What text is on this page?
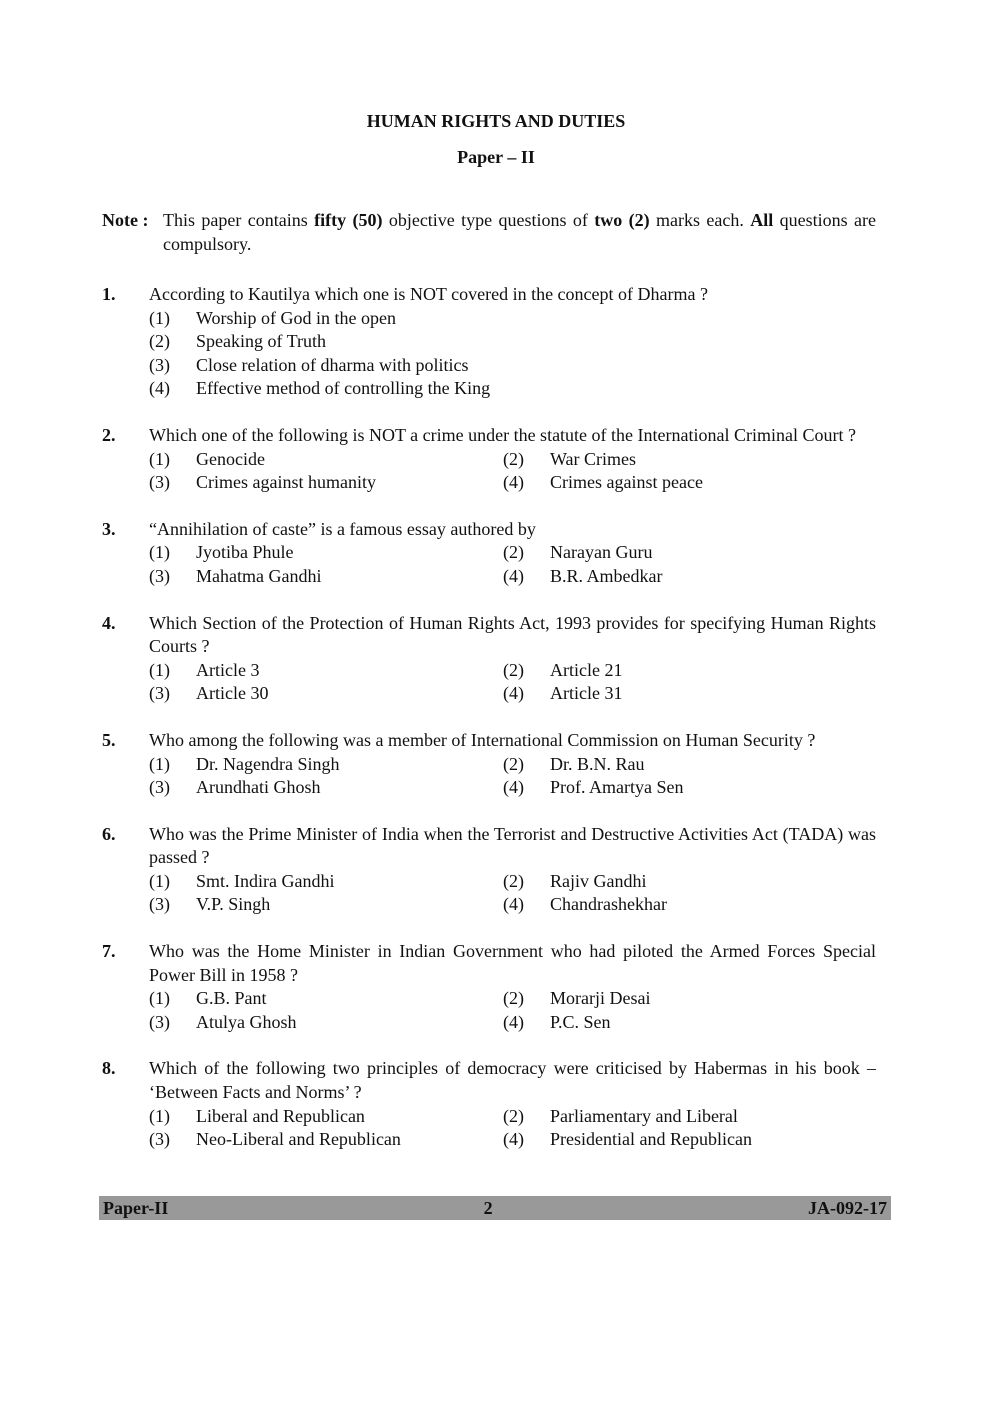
HUMAN RIGHTS AND DUTIES
Paper – II
Note : This paper contains fifty (50) objective type questions of two (2) marks each. All questions are compulsory.
1. According to Kautilya which one is NOT covered in the concept of Dharma ?
(1)	Worship of God in the open
(2)	Speaking of Truth
(3)	Close relation of dharma with politics
(4)	Effective method of controlling the King
2. Which one of the following is NOT a crime under the statute of the International Criminal Court ?
(1)	Genocide	(2)	War Crimes
(3)	Crimes against humanity	(4)	Crimes against peace
3. “Annihilation of caste” is a famous essay authored by
(1)	Jyotiba Phule	(2)	Narayan Guru
(3)	Mahatma Gandhi	(4)	B.R. Ambedkar
4. Which Section of the Protection of Human Rights Act, 1993 provides for specifying Human Rights Courts ?
(1)	Article 3	(2)	Article 21
(3)	Article 30	(4)	Article 31
5. Who among the following was a member of International Commission on Human Security ?
(1)	Dr. Nagendra Singh	(2)	Dr. B.N. Rau
(3)	Arundhati Ghosh	(4)	Prof. Amartya Sen
6. Who was the Prime Minister of India when the Terrorist and Destructive Activities Act (TADA) was passed ?
(1)	Smt. Indira Gandhi	(2)	Rajiv Gandhi
(3)	V.P. Singh	(4)	Chandrashekhar
7. Who was the Home Minister in Indian Government who had piloted the Armed Forces Special Power Bill in 1958 ?
(1)	G.B. Pant	(2)	Morarji Desai
(3)	Atulya Ghosh	(4)	P.C. Sen
8. Which of the following two principles of democracy were criticised by Habermas in his book – ‘Between Facts and Norms’ ?
(1)	Liberal and Republican	(2)	Parliamentary and Liberal
(3)	Neo-Liberal and Republican	(4)	Presidential and Republican
Paper-II	2	JA-092-17
